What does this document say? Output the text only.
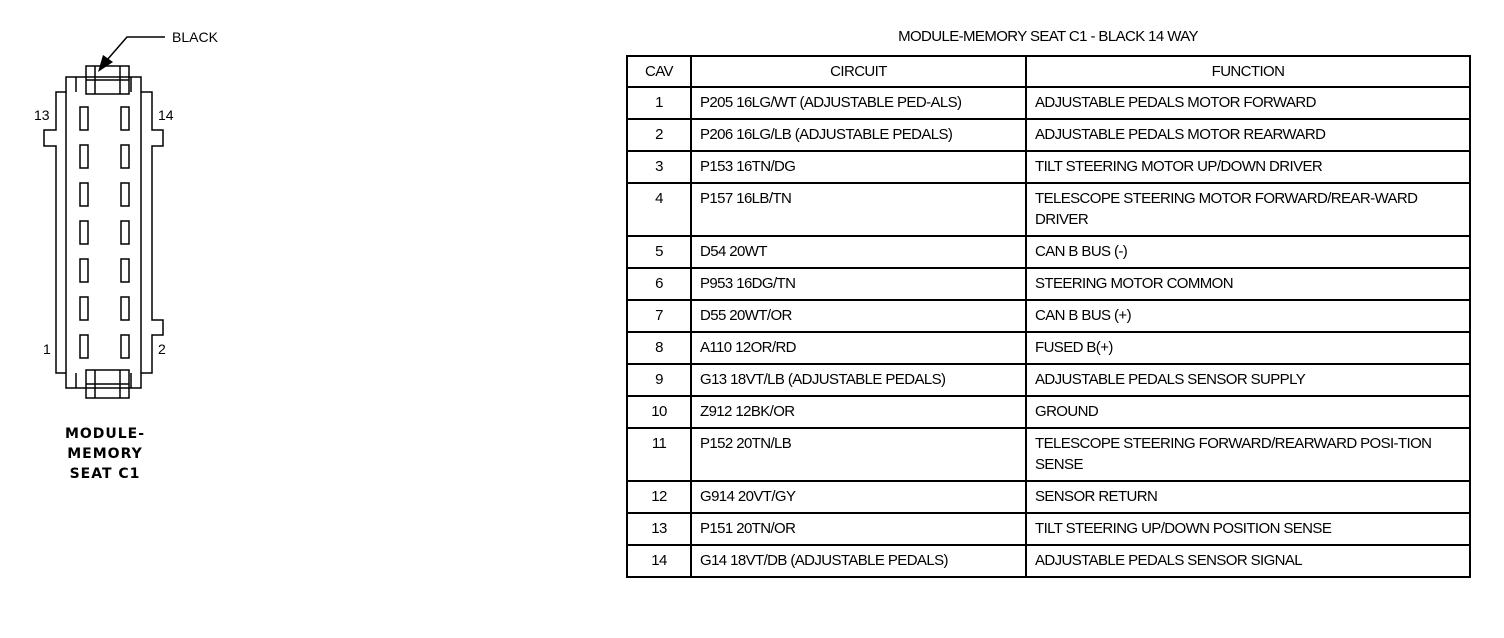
BLACK
13	14
1	2
MODULE-
MEMORY
SEAT C1
MODULE-MEMORY SEAT C1 - BLACK 14 WAY
CAV	CIRCUIT	FUNCTION
1	P205 16LG/WT (ADJUSTABLE PED-ALS)	ADJUSTABLE PEDALS MOTOR FORWARD
2	P206 16LG/LB (ADJUSTABLE PEDALS)	ADJUSTABLE PEDALS MOTOR REARWARD
3	P153 16TN/DG	TILT STEERING MOTOR UP/DOWN DRIVER
4	P157 16LB/TN	TELESCOPE STEERING MOTOR FORWARD/REAR-WARD DRIVER
5	D54 20WT	CAN B BUS (-)
6	P953 16DG/TN	STEERING MOTOR COMMON
7	D55 20WT/OR	CAN B BUS (+)
8	A110 12OR/RD	FUSED B(+)
9	G13 18VT/LB (ADJUSTABLE PEDALS)	ADJUSTABLE PEDALS SENSOR SUPPLY
10	Z912 12BK/OR	GROUND
11	P152 20TN/LB	TELESCOPE STEERING FORWARD/REARWARD POSI-TION SENSE
12	G914 20VT/GY	SENSOR RETURN
13	P151 20TN/OR	TILT STEERING UP/DOWN POSITION SENSE
14	G14 18VT/DB (ADJUSTABLE PEDALS)	ADJUSTABLE PEDALS SENSOR SIGNAL
